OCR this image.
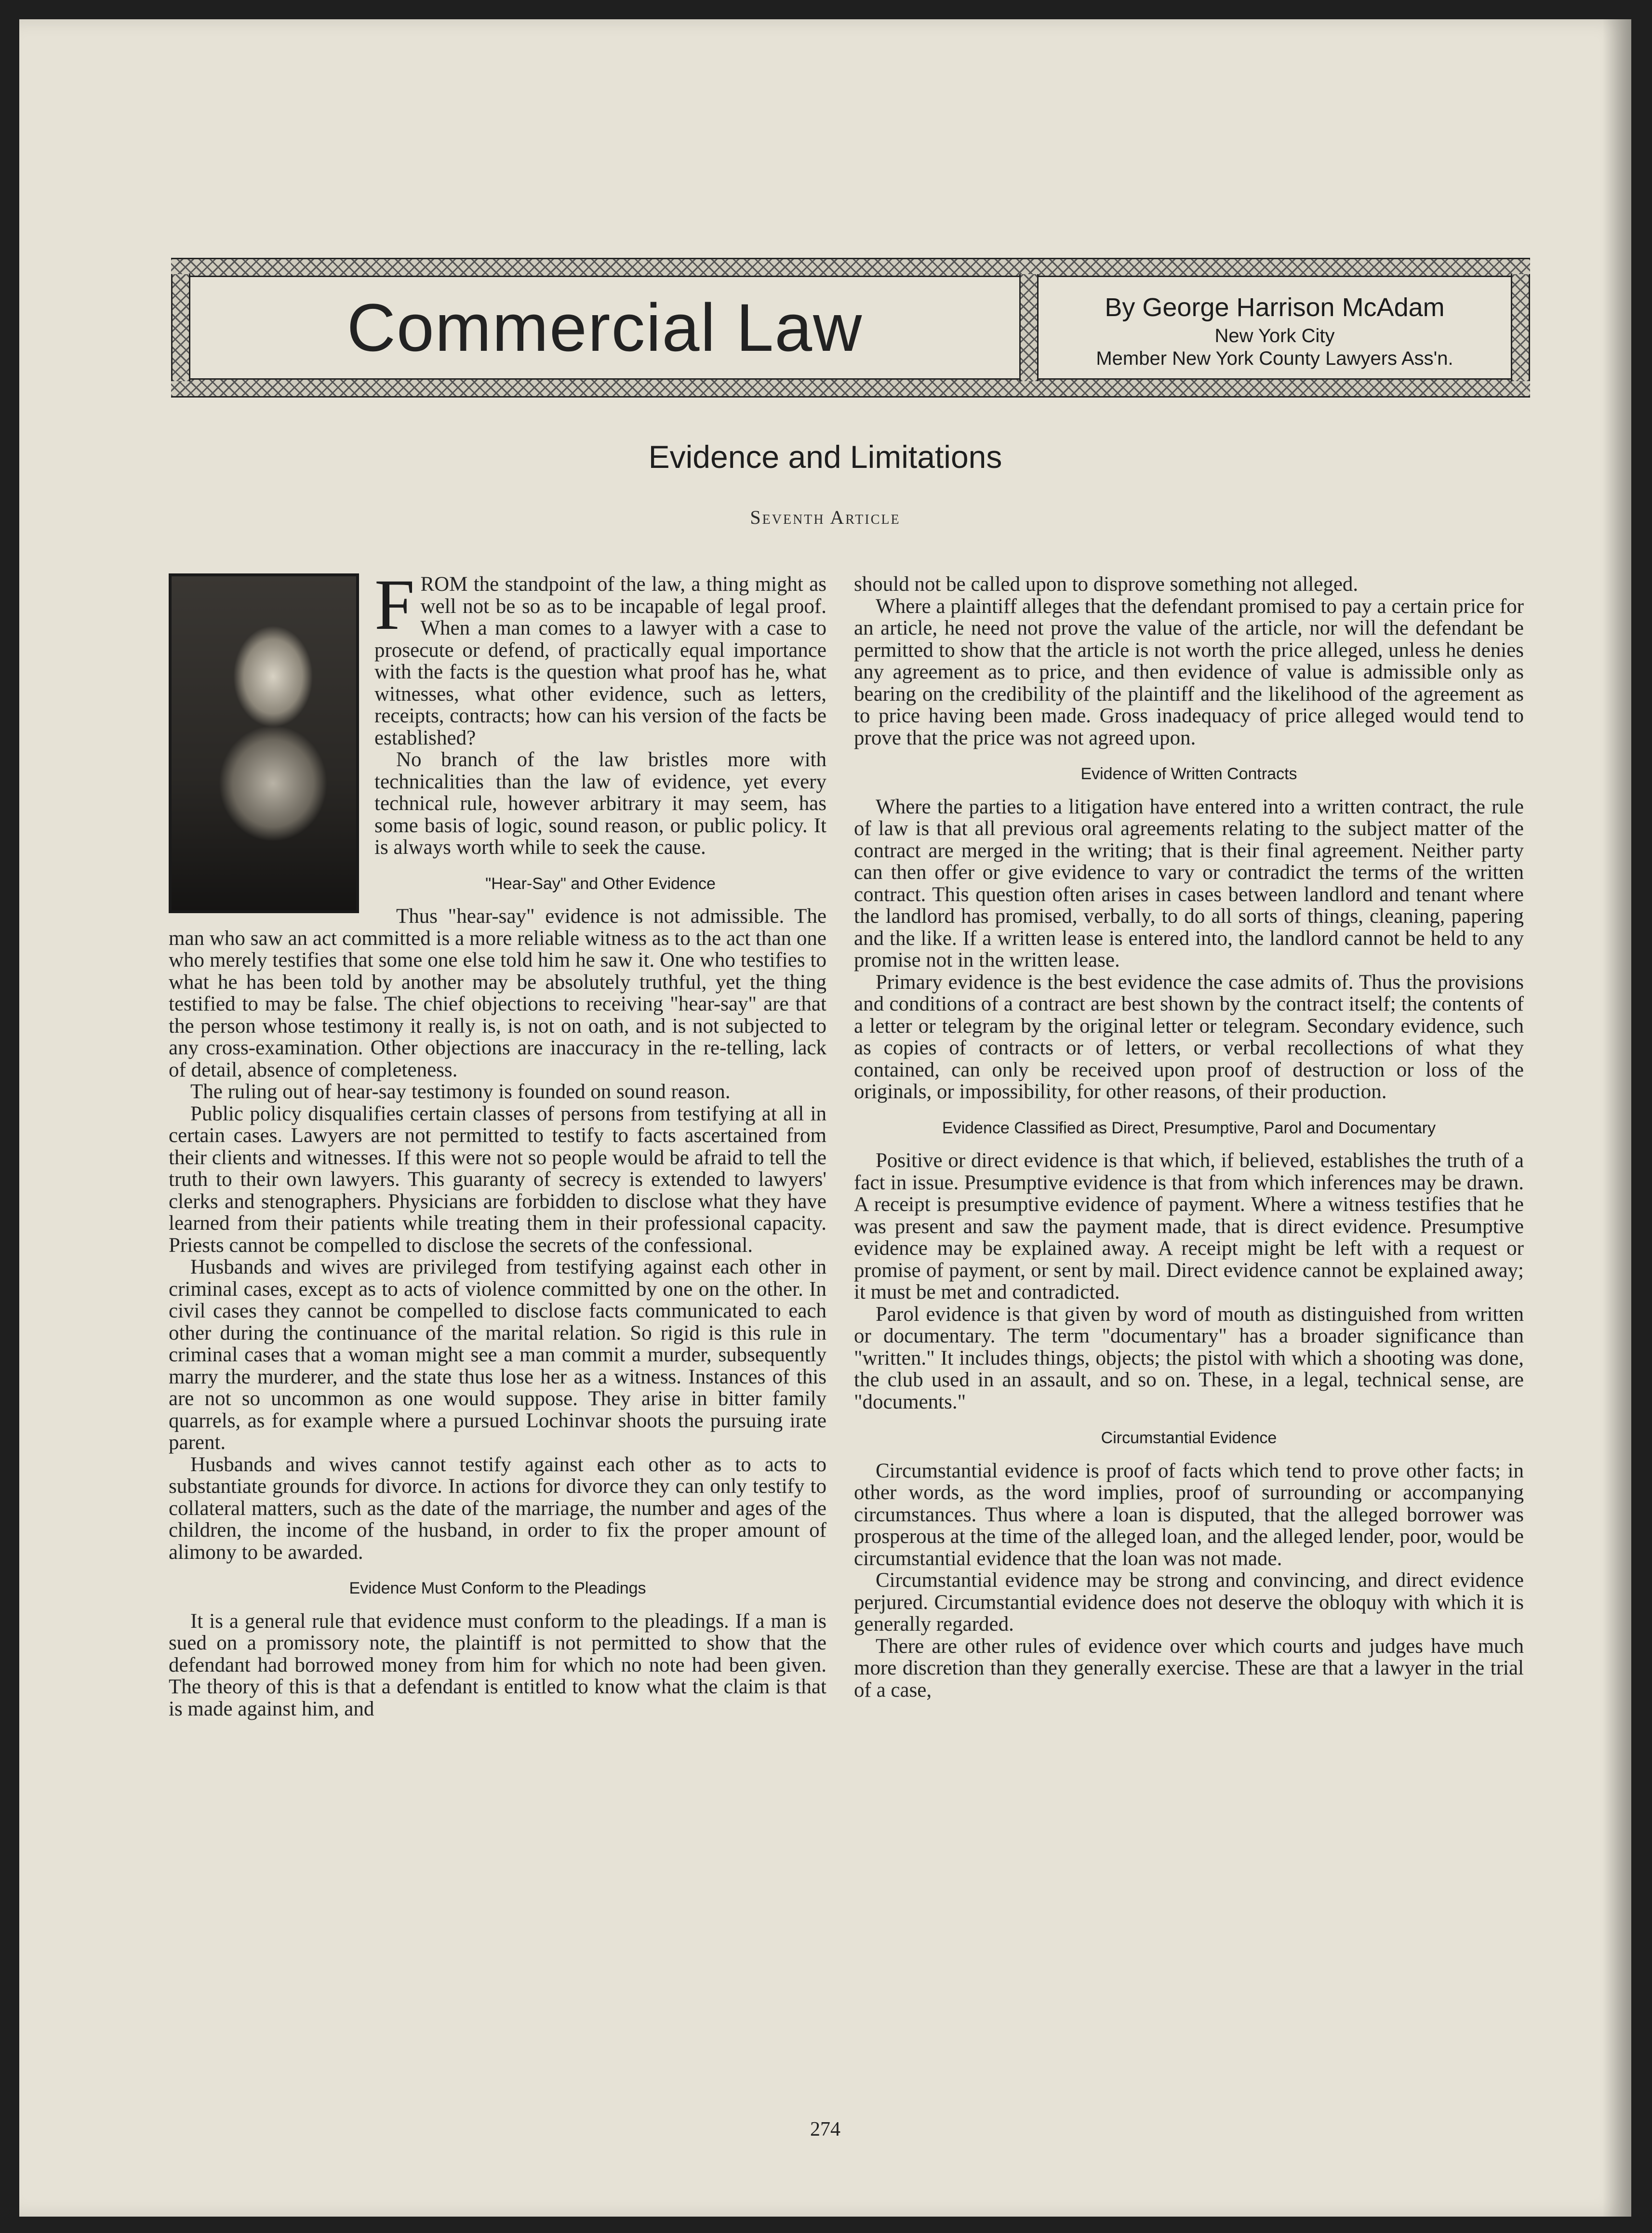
Commercial Law	By George Harrison McAdam
New York City
Member New York County Lawyers Ass'n.
Evidence and Limitations
Seventh Article

FROM the standpoint of the law, a thing might as well not be so as to be incapable of legal proof. When a man comes to a lawyer with a case to prosecute or defend, of practically equal importance with the facts is the question what proof has he, what witnesses, what other evidence, such as letters, receipts, contracts; how can his version of the facts be established?

No branch of the law bristles more with technicalities than the law of evidence, yet every technical rule, however arbitrary it may seem, has some basis of logic, sound reason, or public policy. It is always worth while to seek the cause.

"Hear-Say" and Other Evidence

Thus "hear-say" evidence is not admissible. The man who saw an act committed is a more reliable witness as to the act than one who merely testifies that some one else told him he saw it. One who testifies to what he has been told by another may be absolutely truthful, yet the thing testified to may be false. The chief objections to receiving "hear-say" are that the person whose testimony it really is, is not on oath, and is not subjected to any cross-examination. Other objections are inaccuracy in the re-telling, lack of detail, absence of completeness.

The ruling out of hear-say testimony is founded on sound reason.

Public policy disqualifies certain classes of persons from testifying at all in certain cases. Lawyers are not permitted to testify to facts ascertained from their clients and witnesses. If this were not so people would be afraid to tell the truth to their own lawyers. This guaranty of secrecy is extended to lawyers' clerks and stenographers. Physicians are forbidden to disclose what they have learned from their patients while treating them in their professional capacity. Priests cannot be compelled to disclose the secrets of the confessional.

Husbands and wives are privileged from testifying against each other in criminal cases, except as to acts of violence committed by one on the other. In civil cases they cannot be compelled to disclose facts communicated to each other during the continuance of the marital relation. So rigid is this rule in criminal cases that a woman might see a man commit a murder, subsequently marry the murderer, and the state thus lose her as a witness. Instances of this are not so uncommon as one would suppose. They arise in bitter family quarrels, as for example where a pursued Lochinvar shoots the pursuing irate parent.

Husbands and wives cannot testify against each other as to acts to substantiate grounds for divorce. In actions for divorce they can only testify to collateral matters, such as the date of the marriage, the number and ages of the children, the income of the husband, in order to fix the proper amount of alimony to be awarded.

Evidence Must Conform to the Pleadings

It is a general rule that evidence must conform to the pleadings. If a man is sued on a promissory note, the plaintiff is not permitted to show that the defendant had borrowed money from him for which no note had been given. The theory of this is that a defendant is entitled to know what the claim is that is made against him, and

should not be called upon to disprove something not alleged.

Where a plaintiff alleges that the defendant promised to pay a certain price for an article, he need not prove the value of the article, nor will the defendant be permitted to show that the article is not worth the price alleged, unless he denies any agreement as to price, and then evidence of value is admissible only as bearing on the credibility of the plaintiff and the likelihood of the agreement as to price having been made. Gross inadequacy of price alleged would tend to prove that the price was not agreed upon.

Evidence of Written Contracts

Where the parties to a litigation have entered into a written contract, the rule of law is that all previous oral agreements relating to the subject matter of the contract are merged in the writing; that is their final agreement. Neither party can then offer or give evidence to vary or contradict the terms of the written contract. This question often arises in cases between landlord and tenant where the landlord has promised, verbally, to do all sorts of things, cleaning, papering and the like. If a written lease is entered into, the landlord cannot be held to any promise not in the written lease.

Primary evidence is the best evidence the case admits of. Thus the provisions and conditions of a contract are best shown by the contract itself; the contents of a letter or telegram by the original letter or telegram. Secondary evidence, such as copies of contracts or of letters, or verbal recollections of what they contained, can only be received upon proof of destruction or loss of the originals, or impossibility, for other reasons, of their production.

Evidence Classified as Direct, Presumptive, Parol and Documentary

Positive or direct evidence is that which, if believed, establishes the truth of a fact in issue. Presumptive evidence is that from which inferences may be drawn. A receipt is presumptive evidence of payment. Where a witness testifies that he was present and saw the payment made, that is direct evidence. Presumptive evidence may be explained away. A receipt might be left with a request or promise of payment, or sent by mail. Direct evidence cannot be explained away; it must be met and contradicted.

Parol evidence is that given by word of mouth as distinguished from written or documentary. The term "documentary" has a broader significance than "written." It includes things, objects; the pistol with which a shooting was done, the club used in an assault, and so on. These, in a legal, technical sense, are "documents."

Circumstantial Evidence

Circumstantial evidence is proof of facts which tend to prove other facts; in other words, as the word implies, proof of surrounding or accompanying circumstances. Thus where a loan is disputed, that the alleged borrower was prosperous at the time of the alleged loan, and the alleged lender, poor, would be circumstantial evidence that the loan was not made.

Circumstantial evidence may be strong and convincing, and direct evidence perjured. Circumstantial evidence does not deserve the obloquy with which it is generally regarded.

There are other rules of evidence over which courts and judges have much more discretion than they generally exercise. These are that a lawyer in the trial of a case,

274
